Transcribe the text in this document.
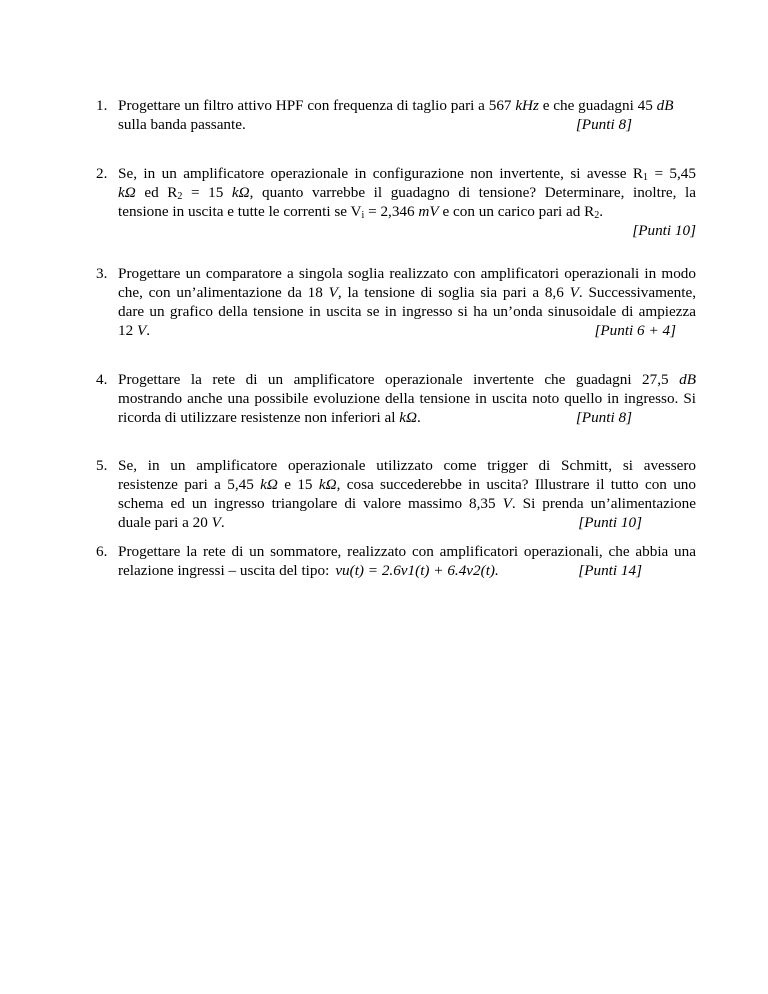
1. Progettare un filtro attivo HPF con frequenza di taglio pari a 567 kHz e che guadagni 45 dB
sulla banda passante.	[Punti 8]
2. Se, in un amplificatore operazionale in configurazione non invertente, si avesse $R_1 = 5,45$
kΩ ed $R_2 = 15$ kΩ, quanto varrebbe il guadagno di tensione? Determinare, inoltre, la
tensione in uscita e tutte le correnti se $V_i = 2,346$ mV e con un carico pari ad $R_2$.
[Punti 10]
3. Progettare un comparatore a singola soglia realizzato con amplificatori operazionali in modo
che, con un’alimentazione da 18 V, la tensione di soglia sia pari a 8,6 V. Successivamente,
dare un grafico della tensione in uscita se in ingresso si ha un’onda sinusoidale di ampiezza
12 V.	[Punti 6 + 4]
4. Progettare la rete di un amplificatore operazionale invertente che guadagni 27,5 dB
mostrando anche una possibile evoluzione della tensione in uscita noto quello in ingresso. Si
ricorda di utilizzare resistenze non inferiori al kΩ.	[Punti 8]
5. Se, in un amplificatore operazionale utilizzato come trigger di Schmitt, si avessero
resistenze pari a 5,45 kΩ e 15 kΩ, cosa succederebbe in uscita? Illustrare il tutto con uno
schema ed un ingresso triangolare di valore massimo 8,35 V. Si prenda un’alimentazione
duale pari a 20 V.	[Punti 10]
6. Progettare la rete di un sommatore, realizzato con amplificatori operazionali, che abbia una
relazione ingressi – uscita del tipo: vu(t) = 2.6v1(t) + 6.4v2(t).	[Punti 14]
